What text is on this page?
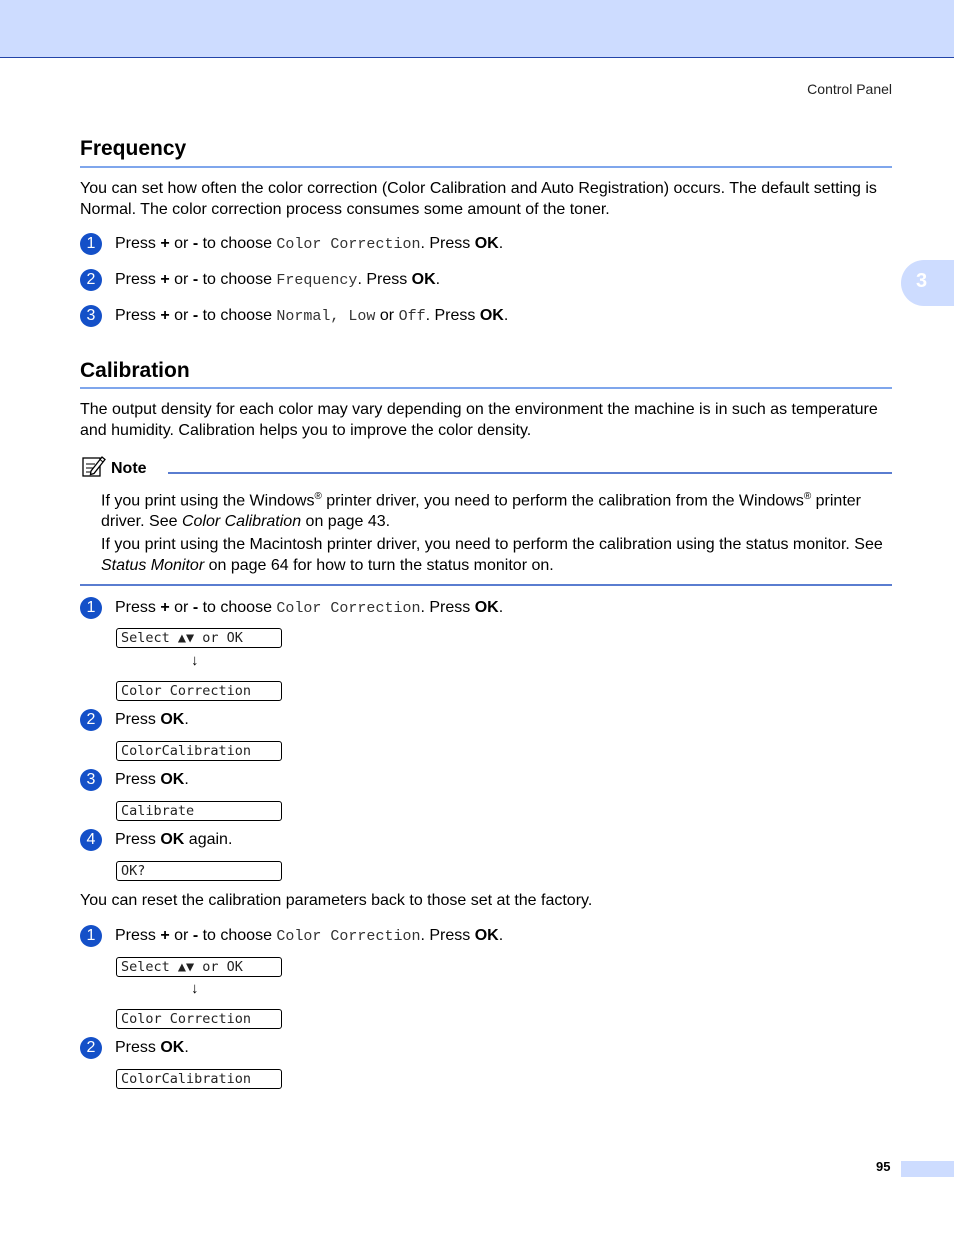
Control Panel
3
Frequency

You can set how often the color correction (Color Calibration and Auto Registration) occurs. The default setting is Normal. The color correction process consumes some amount of the toner.

1	Press + or - to choose Color Correction. Press OK.
2	Press + or - to choose Frequency. Press OK.
3	Press + or - to choose Normal, Low or Off. Press OK.
Calibration

The output density for each color may vary depending on the environment the machine is in such as temperature and humidity. Calibration helps you to improve the color density.

Note

If you print using the Windows® printer driver, you need to perform the calibration from the Windows® printer driver. See Color Calibration on page 43.

If you print using the Macintosh printer driver, you need to perform the calibration using the status monitor. See Status Monitor on page 64 for how to turn the status monitor on.

1	Press + or - to choose Color Correction. Press OK.
Select ▲▼ or OK
↓
Color Correction
2	Press OK.
ColorCalibration
3	Press OK.
Calibrate
4	Press OK again.
OK?

You can reset the calibration parameters back to those set at the factory.

1	Press + or - to choose Color Correction. Press OK.
Select ▲▼ or OK
↓
Color Correction
2	Press OK.
ColorCalibration
95
